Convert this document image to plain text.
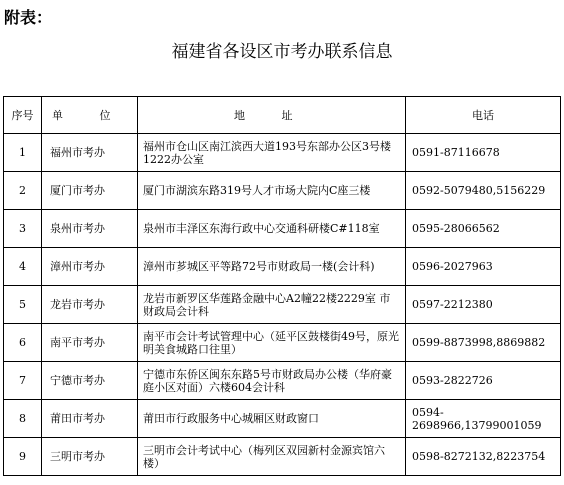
附表：
福建省各设区市考办联系信息
序号	单 位	地 址	电话
1	福州市考办	福州市仓山区南江滨西大道193号东部办公区3号楼1222办公室	0591-87116678
2	厦门市考办	厦门市湖滨东路319号人才市场大院内C座三楼	0592-5079480,5156229
3	泉州市考办	泉州市丰泽区东海行政中心交通科研楼C#118室	0595-28066562
4	漳州市考办	漳州市芗城区平等路72号市财政局一楼(会计科)	0596-2027963
5	龙岩市考办	龙岩市新罗区华莲路金融中心A2幢22楼2229室 市财政局会计科	0597-2212380
6	南平市考办	南平市会计考试管理中心（延平区鼓楼街49号，原光明美食城路口往里）	0599-8873998,8869882
7	宁德市考办	宁德市东侨区闽东东路5号市财政局办公楼（华府豪庭小区对面）六楼604会计科	0593-2822726
8	莆田市考办	莆田市行政服务中心城厢区财政窗口	0594-2698966,13799001059
9	三明市考办	三明市会计考试中心（梅列区双园新村金源宾馆六楼）	0598-8272132,8223754
